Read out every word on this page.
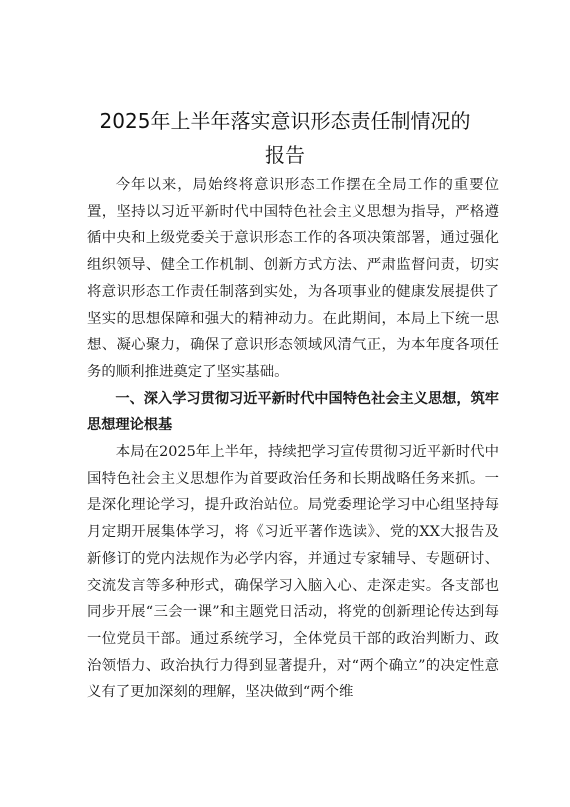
2025年上半年落实意识形态责任制情况的
报告

今年以来，局始终将意识形态工作摆在全局工作的重要位置，坚持以习近平新时代中国特色社会主义思想为指导，严格遵循中央和上级党委关于意识形态工作的各项决策部署，通过强化组织领导、健全工作机制、创新方式方法、严肃监督问责，切实将意识形态工作责任制落到实处，为各项事业的健康发展提供了坚实的思想保障和强大的精神动力。在此期间，本局上下统一思想、凝心聚力，确保了意识形态领域风清气正，为本年度各项任务的顺利推进奠定了坚实基础。

一、深入学习贯彻习近平新时代中国特色社会主义思想，筑牢思想理论根基

本局在2025年上半年，持续把学习宣传贯彻习近平新时代中国特色社会主义思想作为首要政治任务和长期战略任务来抓。一是深化理论学习，提升政治站位。局党委理论学习中心组坚持每月定期开展集体学习，将《习近平著作选读》、党的XX大报告及新修订的党内法规作为必学内容，并通过专家辅导、专题研讨、交流发言等多种形式，确保学习入脑入心、走深走实。各支部也同步开展“三会一课”和主题党日活动，将党的创新理论传达到每一位党员干部。通过系统学习，全体党员干部的政治判断力、政治领悟力、政治执行力得到显著提升，对“两个确立”的决定性意义有了更加深刻的理解，坚决做到“两个维
